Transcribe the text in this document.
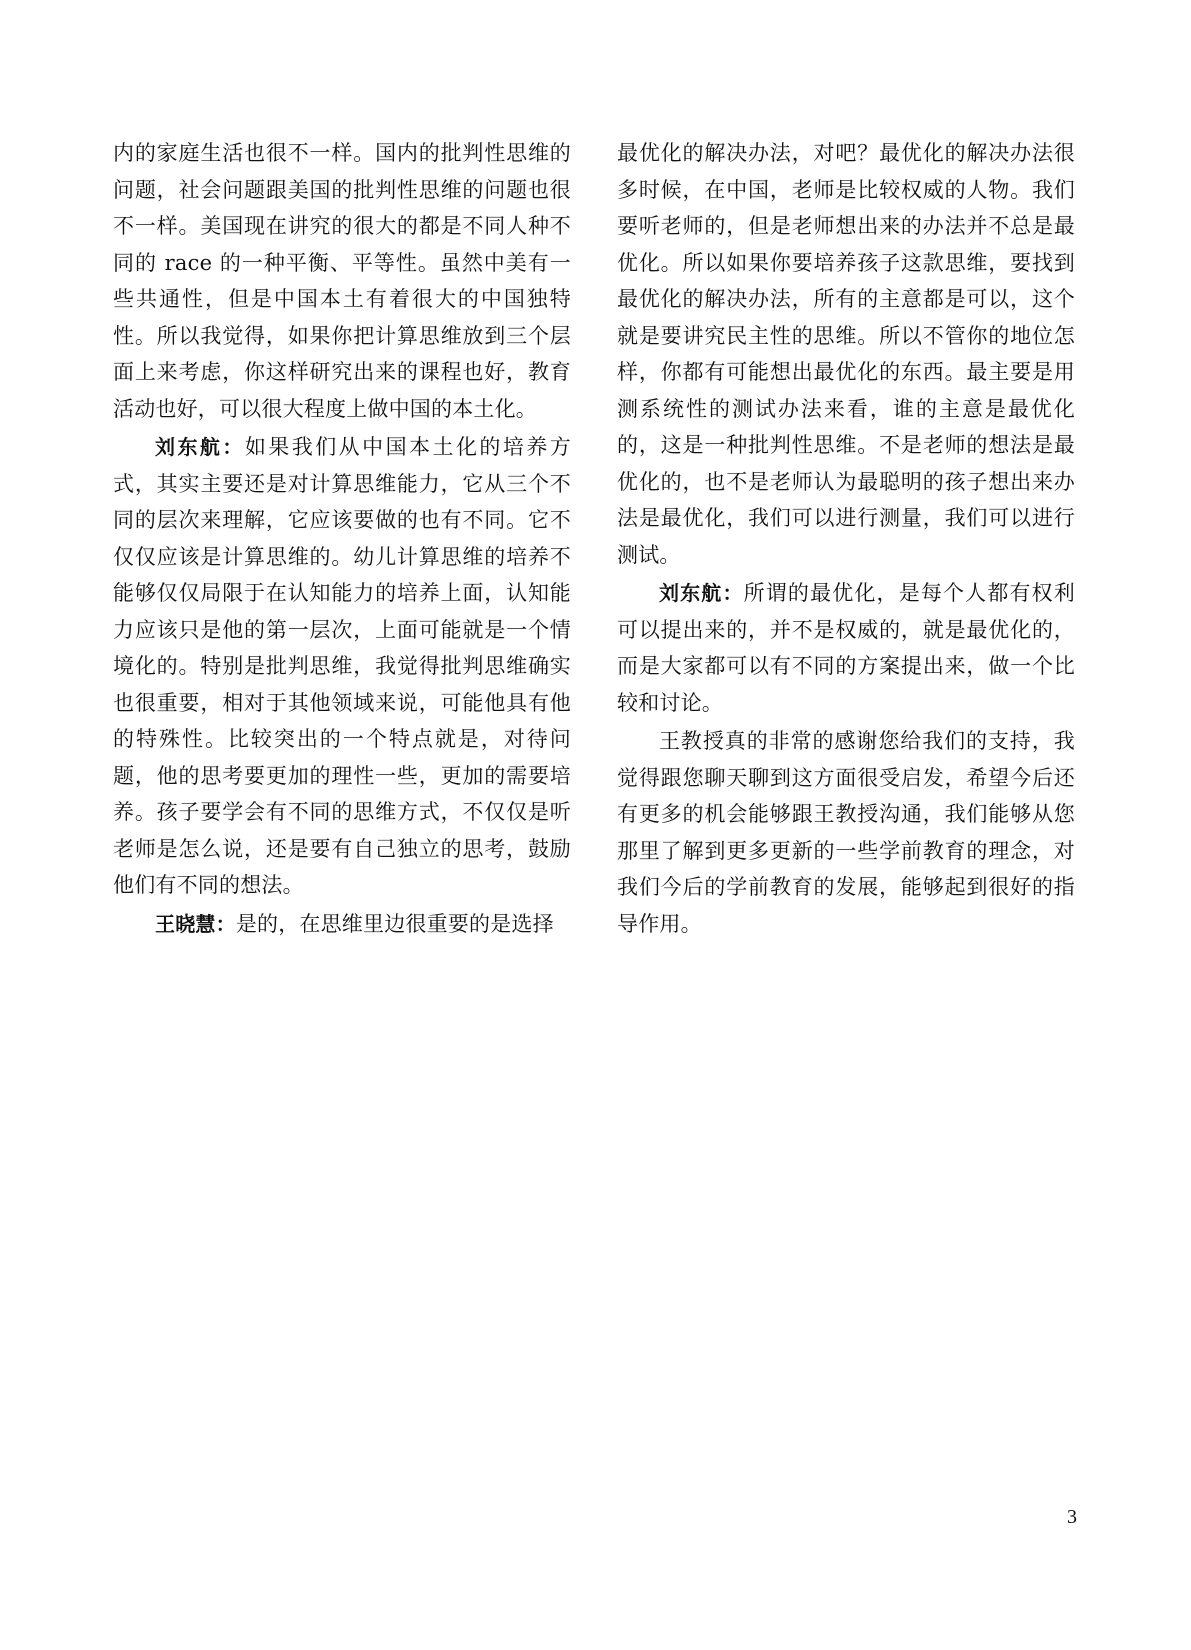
内的家庭生活也很不一样。国内的批判性思维的问题，社会问题跟美国的批判性思维的问题也很不一样。美国现在讲究的很大的都是不同人种不同的 race 的一种平衡、平等性。虽然中美有一些共通性，但是中国本土有着很大的中国独特性。所以我觉得，如果你把计算思维放到三个层面上来考虑，你这样研究出来的课程也好，教育活动也好，可以很大程度上做中国的本土化。

刘东航：如果我们从中国本土化的培养方式，其实主要还是对计算思维能力，它从三个不同的层次来理解，它应该要做的也有不同。它不仅仅应该是计算思维的。幼儿计算思维的培养不能够仅仅局限于在认知能力的培养上面，认知能力应该只是他的第一层次，上面可能就是一个情境化的。特别是批判思维，我觉得批判思维确实也很重要，相对于其他领域来说，可能他具有他的特殊性。比较突出的一个特点就是，对待问题，他的思考要更加的理性一些，更加的需要培养。孩子要学会有不同的思维方式，不仅仅是听老师是怎么说，还是要有自己独立的思考，鼓励他们有不同的想法。

王晓慧：是的，在思维里边很重要的是选择

最优化的解决办法，对吧？最优化的解决办法很多时候，在中国，老师是比较权威的人物。我们要听老师的，但是老师想出来的办法并不总是最优化。所以如果你要培养孩子这款思维，要找到最优化的解决办法，所有的主意都是可以，这个就是要讲究民主性的思维。所以不管你的地位怎样，你都有可能想出最优化的东西。最主要是用测系统性的测试办法来看，谁的主意是最优化的，这是一种批判性思维。不是老师的想法是最优化的，也不是老师认为最聪明的孩子想出来办法是最优化，我们可以进行测量，我们可以进行测试。

刘东航：所谓的最优化，是每个人都有权利可以提出来的，并不是权威的，就是最优化的，而是大家都可以有不同的方案提出来，做一个比较和讨论。

王教授真的非常的感谢您给我们的支持，我觉得跟您聊天聊到这方面很受启发，希望今后还有更多的机会能够跟王教授沟通，我们能够从您那里了解到更多更新的一些学前教育的理念，对我们今后的学前教育的发展，能够起到很好的指导作用。

3
